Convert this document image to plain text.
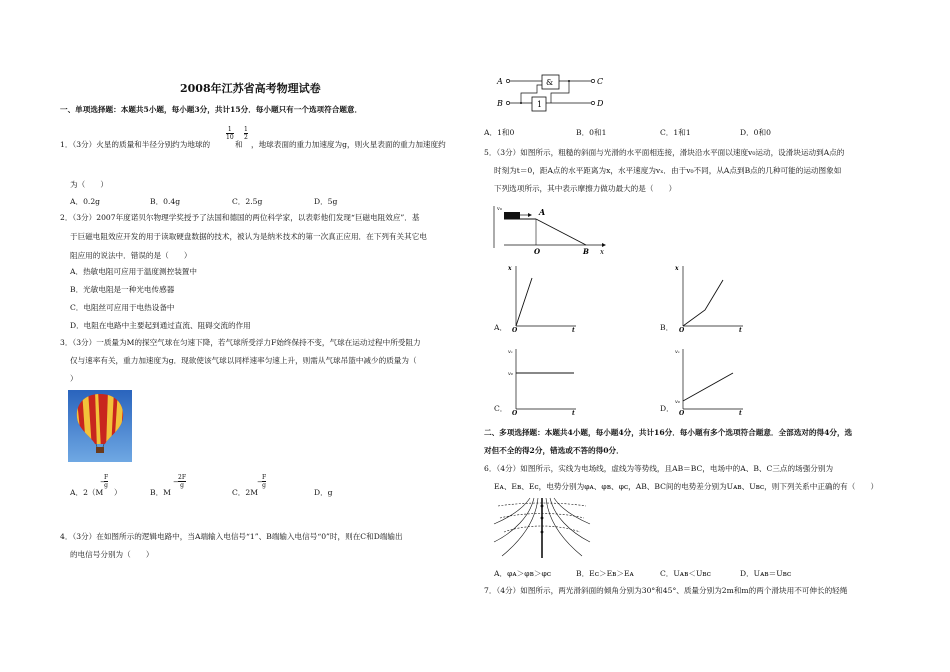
2008年江苏省高考物理试卷
一、单项选择题：本题共5小题，每小题3分，共计15分．每小题只有一个选项符合题意．
1．（3分）火星的质量和半径分别约为地球的
$\frac{1}{10}$
和
$\frac{1}{2}$
，地球表面的重力加速度为g，则火星表面的重力加速度约
为（　　）
A．0.2g	B．0.4g	C．2.5g	D．5g
2．（3分）2007年度诺贝尔物理学奖授予了法国和德国的两位科学家，以表彰他们发现“巨磁电阻效应”．基
于巨磁电阻效应开发的用于读取硬盘数据的技术，被认为是纳米技术的第一次真正应用．在下列有关其它电
阻应用的说法中．错误的是（　　）
A．热敏电阻可应用于温度测控装置中
B．光敏电阻是一种光电传感器
C．电阻丝可应用于电热设备中
D．电阻在电路中主要起到通过直流、阻碍交流的作用
3．（3分）一质量为M的探空气球在匀速下降，若气球所受浮力F始终保持不变，气球在运动过程中所受阻力
仅与速率有关，重力加速度为g．现欲使该气球以同样速率匀速上升，则需从气球吊篮中减少的质量为（
）
A．2（M
$\frac{F}{g}$
−
）	B．M
− $\frac{2F}{g}$
C．2M
− $\frac{F}{g}$
D．g
4．（3分）在如图所示的逻辑电路中，当A端输入电信号“1”、B端输入电信号“0”时，则在C和D端输出
的电信号分别为（　　）
A
B
C
D
&
1
A．1和0	B．0和1	C．1和1	D．0和0
5．（3分）如图所示，粗糙的斜面与光滑的水平面相连接，滑块沿水平面以速度v₀运动，设滑块运动到A点的
时刻为t＝0，距A点的水平距离为x，水平速度为vₓ．由于v₀不同，从A点到B点的几种可能的运动图象如
下列选项所示，其中表示摩擦力做功最大的是（　　）
v₀	A
O	B x
x
t
O
A．
x
t
O
B．
vₓ
v₀
t
O
C．
vₓ
v₀
t
O
D．
二、多项选择题：本题共4小题，每小题4分，共计16分．每小题有多个选项符合题意．全部选对的得4分，选
对但不全的得2分，错选或不答的得0分．
6．（4分）如图所示，实线为电场线，虚线为等势线，且AB＝BC，电场中的A、B、C三点的场强分别为
Eᴀ、Eʙ、Eᴄ，电势分别为φᴀ、φʙ、φᴄ，AB、BC间的电势差分别为Uᴀʙ、Uʙᴄ，则下列关系中正确的有（　　）
A．φᴀ＞φʙ＞φᴄ	B．Eᴄ＞Eʙ＞Eᴀ	C．Uᴀʙ＜Uʙᴄ	D．Uᴀʙ＝Uʙᴄ
7．（4分）如图所示，两光滑斜面的倾角分别为30°和45°、质量分别为2m和m的两个滑块用不可伸长的轻绳
